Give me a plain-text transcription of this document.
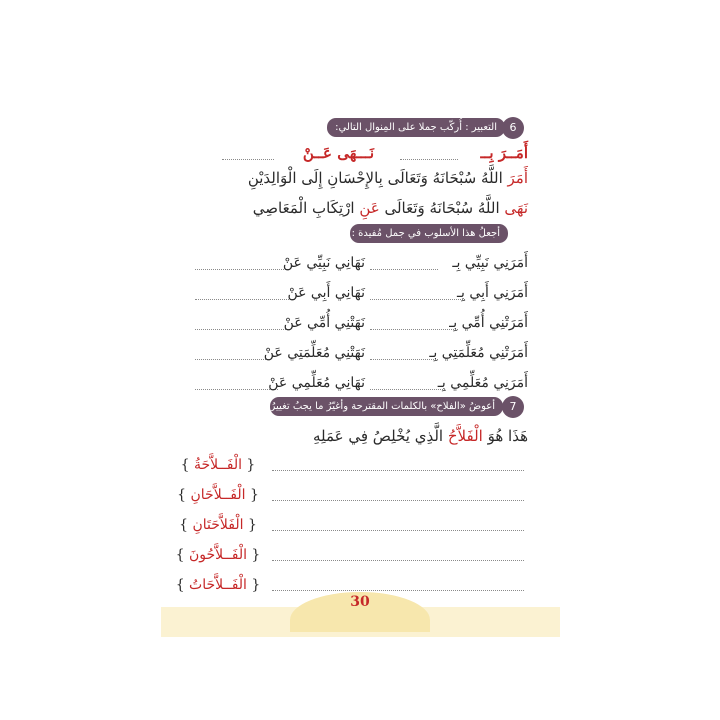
6
التعبير : أُركّب جملا على المِنوال التالي:
أَمَــرَ بِــ
نَـــهَى عَــنْ
أَمَرَ اللَّهُ سُبْحَانَهُ وَتَعَالَى بِالإِحْسَانِ إِلَى الْوَالِدَيْنِ
نَهَى اللَّهُ سُبْحَانَهُ وَتَعَالَى عَنِ ارْتِكَابِ الْمَعَاصِي
أجعلُ هذا الأسلوب في جمل مُفيدة :
أَمَرَنِي نَبِيِّي بِـ
نَهَانِي نَبِيِّي عَنْ
أَمَرَنِي أَبِي بِـ
نَهَانِي أَبِي عَنْ
أَمَرَتْنِي أُمِّي بِـ
نَهَتْنِي أُمِّي عَنْ
أَمَرَتْنِي مُعَلِّمَتِي بِـ
نَهَتْنِي مُعَلِّمَتِي عَنْ
أَمَرَنِي مُعَلِّمِي بِـ
نَهَانِي مُعَلِّمِي عَنْ
7
أعوضُ «الفلاح» بالكلمات المقترحة وأغيّرُ ما يجبُ تغييرُهُ:
هَذَا هُوَ الْفَلاَّحُ الَّذِي يُخْلِصُ فِي عَمَلِهِ
{ الْفَــلاَّحَةُ }
{ الْفَــلاَّحَانِ }
{ الْفَلاَّحَتَانِ }
{ الْفَــلاَّحُونَ }
{ الْفَــلاَّحَاتُ }
30
